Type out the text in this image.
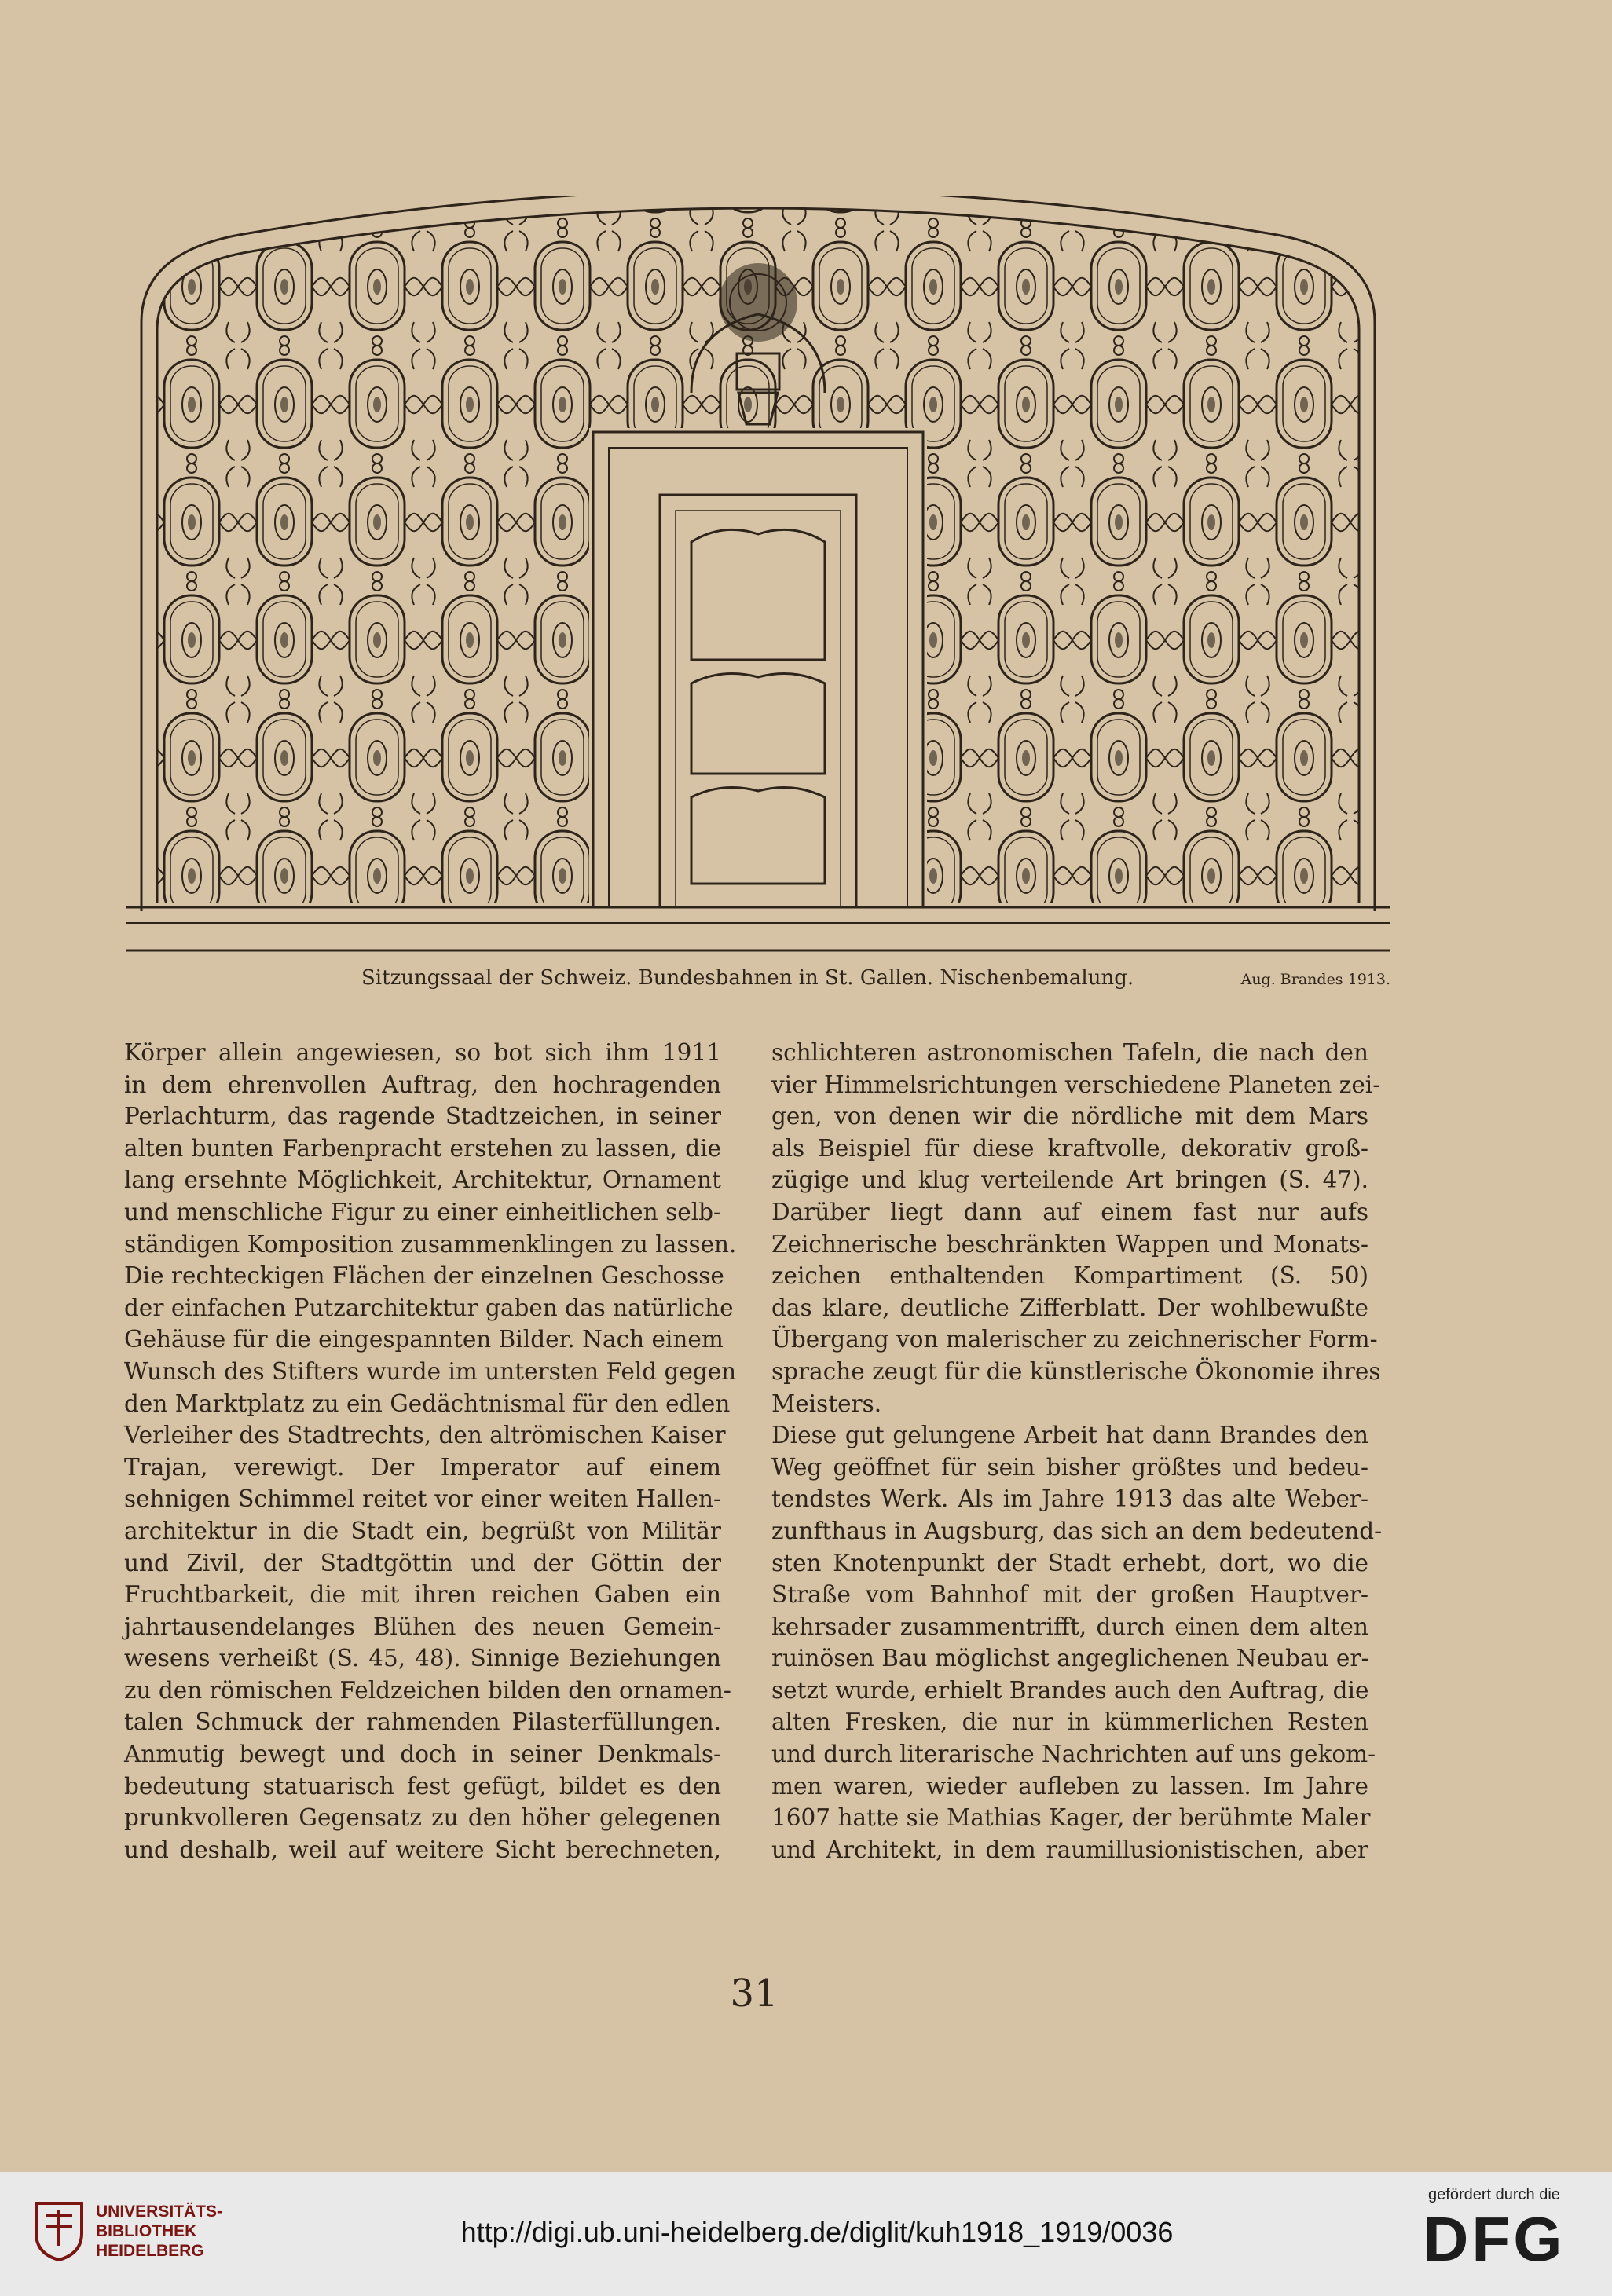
Sitzungssaal der Schweiz. Bundesbahnen in St. Gallen. Nischenbemalung.	Aug. Brandes 1913.

Körper allein angewiesen, so bot sich ihm 1911

in dem ehrenvollen Auftrag, den hochragenden

Perlachturm, das ragende Stadtzeichen, in seiner

alten bunten Farbenpracht erstehen zu lassen, die

lang ersehnte Möglichkeit, Architektur, Ornament

und menschliche Figur zu einer einheitlichen selb-

ständigen Komposition zusammenklingen zu lassen.

Die rechteckigen Flächen der einzelnen Geschosse

der einfachen Putzarchitektur gaben das natürliche

Gehäuse für die eingespannten Bilder. Nach einem

Wunsch des Stifters wurde im untersten Feld gegen

den Marktplatz zu ein Gedächtnismal für den edlen

Verleiher des Stadtrechts, den altrömischen Kaiser

Trajan, verewigt. Der Imperator auf einem

sehnigen Schimmel reitet vor einer weiten Hallen-

architektur in die Stadt ein, begrüßt von Militär

und Zivil, der Stadtgöttin und der Göttin der

Fruchtbarkeit, die mit ihren reichen Gaben ein

jahrtausendelanges Blühen des neuen Gemein-

wesens verheißt (S. 45, 48). Sinnige Beziehungen

zu den römischen Feldzeichen bilden den ornamen-

talen Schmuck der rahmenden Pilasterfüllungen.

Anmutig bewegt und doch in seiner Denkmals-

bedeutung statuarisch fest gefügt, bildet es den

prunkvolleren Gegensatz zu den höher gelegenen

und deshalb, weil auf weitere Sicht berechneten,

schlichteren astronomischen Tafeln, die nach den

vier Himmelsrichtungen verschiedene Planeten zei-

gen, von denen wir die nördliche mit dem Mars

als Beispiel für diese kraftvolle, dekorativ groß-

zügige und klug verteilende Art bringen (S. 47).

Darüber liegt dann auf einem fast nur aufs

Zeichnerische beschränkten Wappen und Monats-

zeichen enthaltenden Kompartiment (S. 50)

das klare, deutliche Zifferblatt. Der wohlbewußte

Übergang von malerischer zu zeichnerischer Form-

sprache zeugt für die künstlerische Ökonomie ihres

Meisters.

Diese gut gelungene Arbeit hat dann Brandes den

Weg geöffnet für sein bisher größtes und bedeu-

tendstes Werk. Als im Jahre 1913 das alte Weber-

zunfthaus in Augsburg, das sich an dem bedeutend-

sten Knotenpunkt der Stadt erhebt, dort, wo die

Straße vom Bahnhof mit der großen Hauptver-

kehrsader zusammentrifft, durch einen dem alten

ruinösen Bau möglichst angeglichenen Neubau er-

setzt wurde, erhielt Brandes auch den Auftrag, die

alten Fresken, die nur in kümmerlichen Resten

und durch literarische Nachrichten auf uns gekom-

men waren, wieder aufleben zu lassen. Im Jahre

1607 hatte sie Mathias Kager, der berühmte Maler

und Architekt, in dem raumillusionistischen, aber

31
UNIVERSITÄTS-
BIBLIOTHEK
HEIDELBERG
http://digi.ub.uni-heidelberg.de/diglit/kuh1918_1919/0036
gefördert durch die
DFG
